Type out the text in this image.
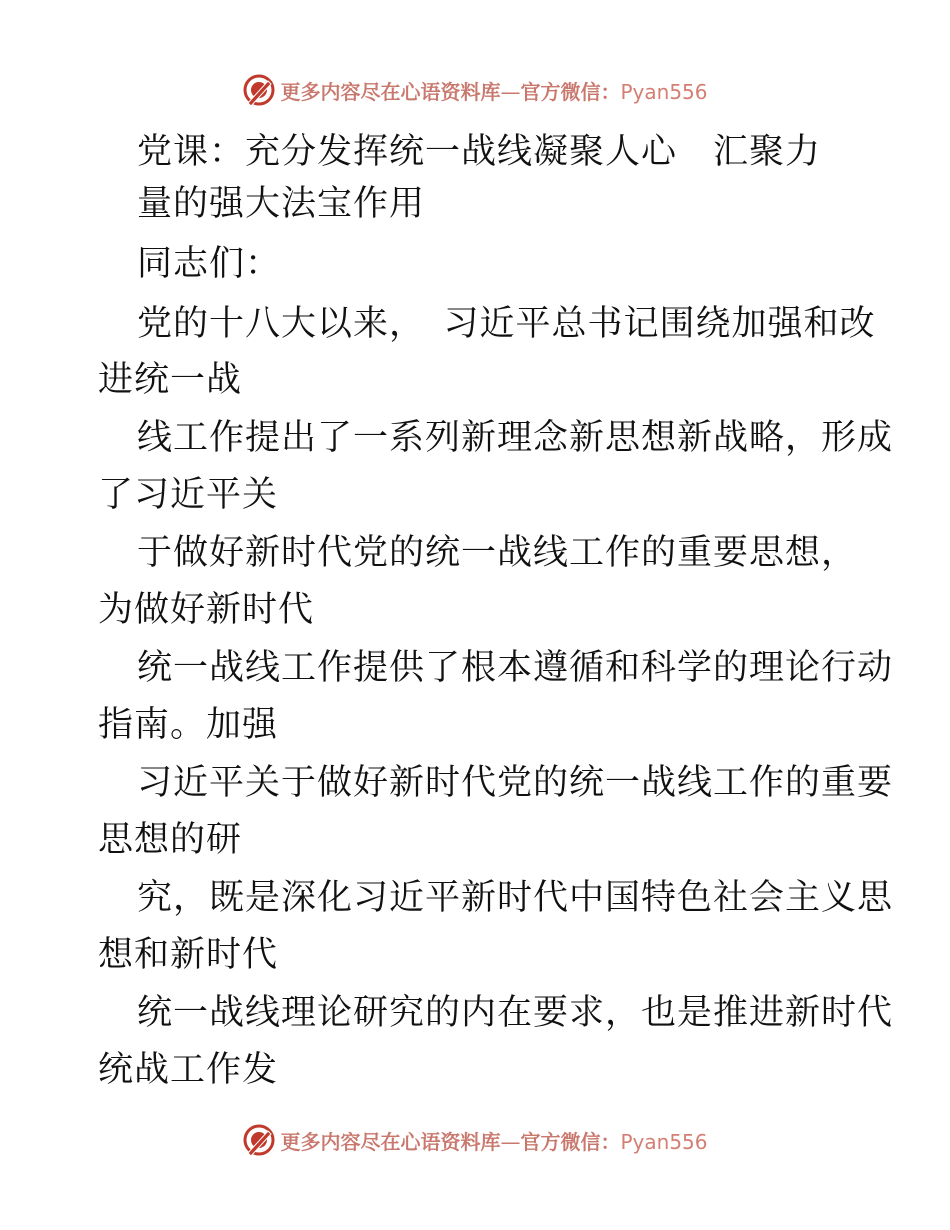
更多内容尽在心语资料库—官方微信：Pyan556
党课：充分发挥统一战线凝聚人心　汇聚力
量的强大法宝作用
同志们：
党的十八大以来，　习近平总书记围绕加强和改
进统一战
线工作提出了一系列新理念新思想新战略，形成
了习近平关
于做好新时代党的统一战线工作的重要思想，
为做好新时代
统一战线工作提供了根本遵循和科学的理论行动
指南。加强
习近平关于做好新时代党的统一战线工作的重要
思想的研
究，既是深化习近平新时代中国特色社会主义思
想和新时代
统一战线理论研究的内在要求，也是推进新时代
统战工作发
更多内容尽在心语资料库—官方微信：Pyan556
